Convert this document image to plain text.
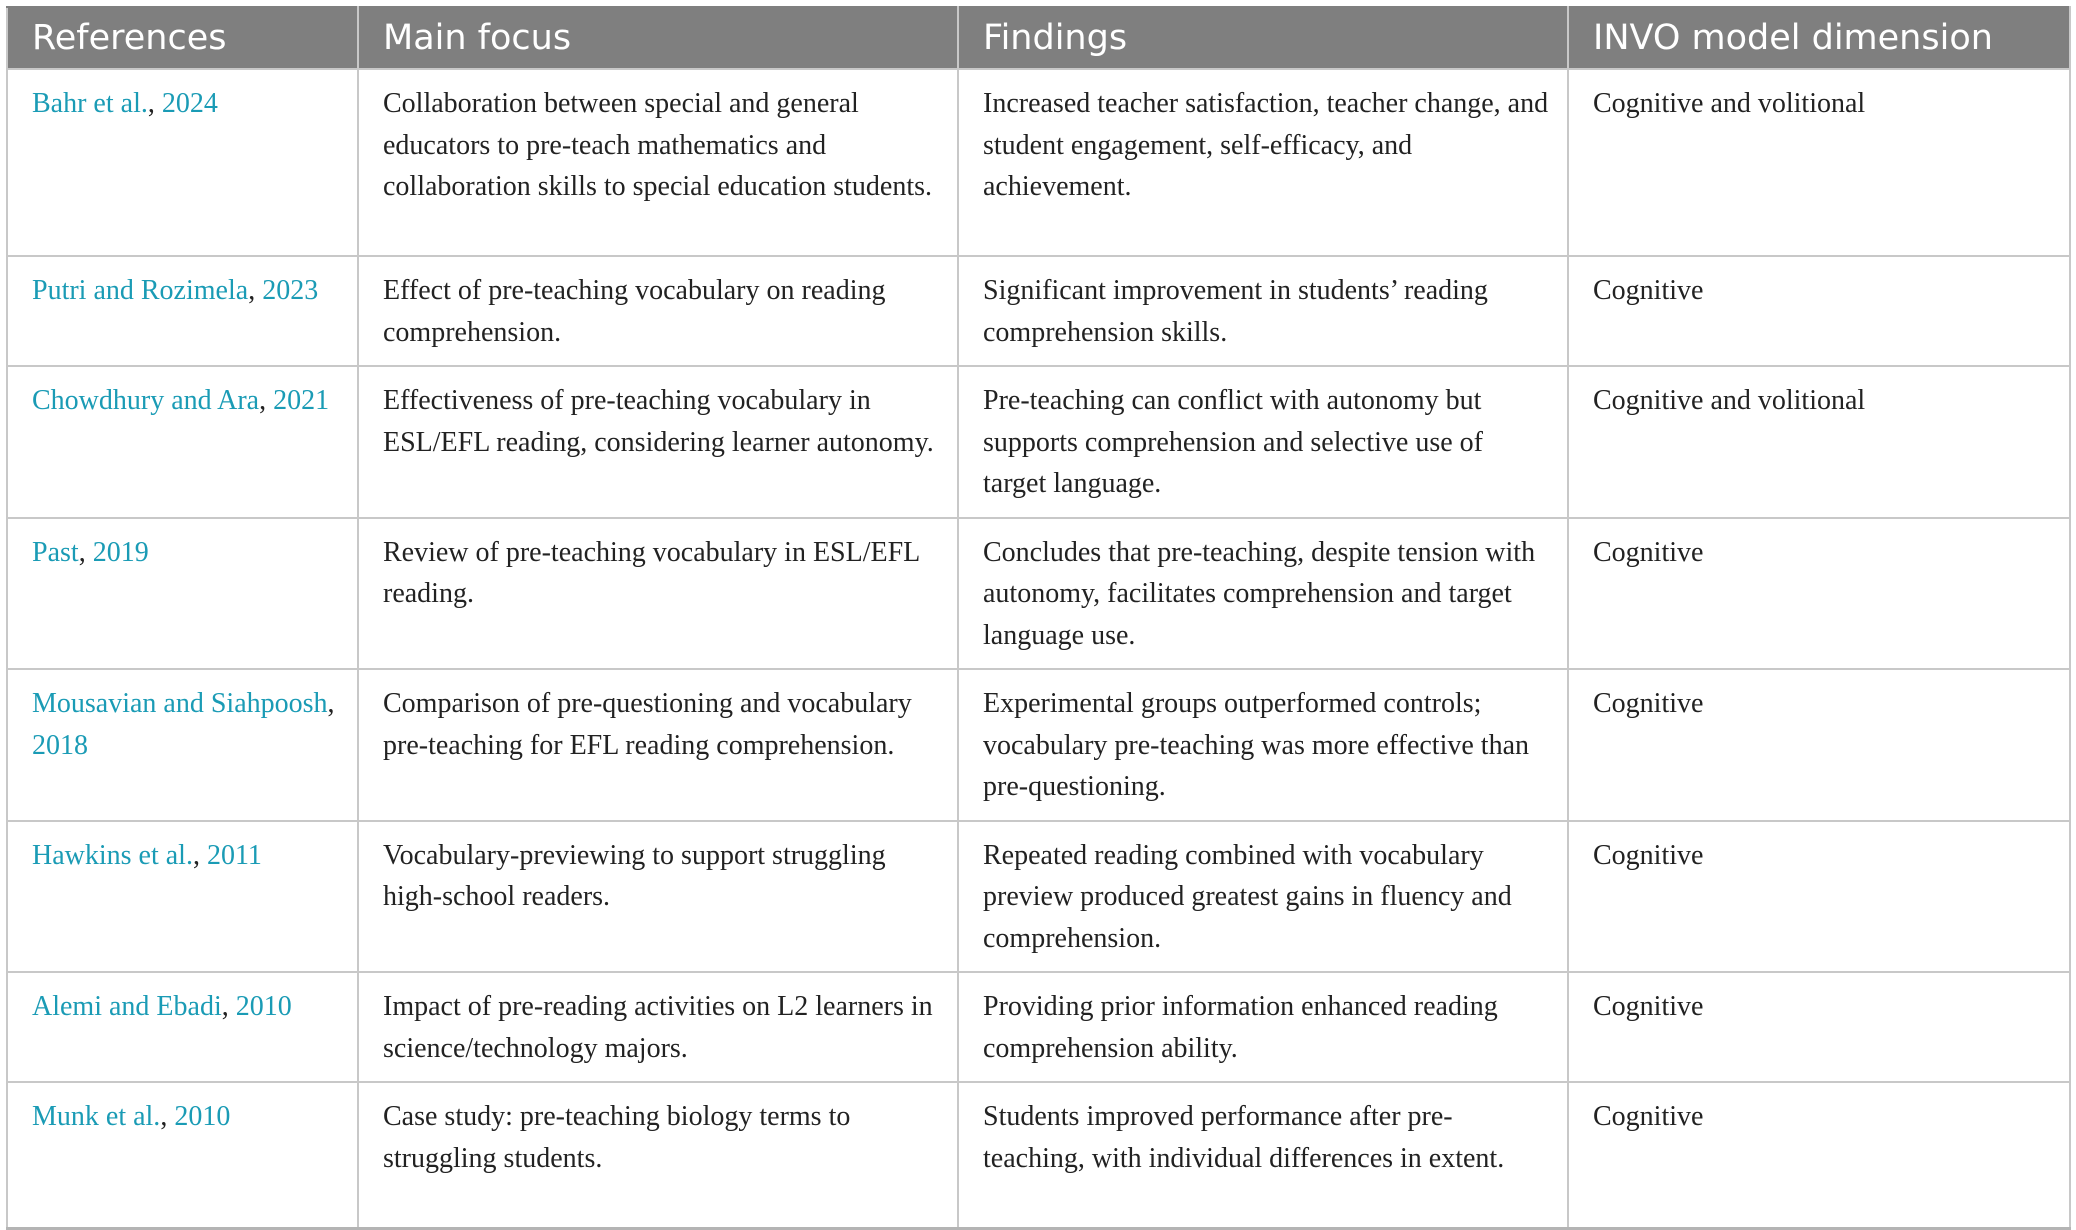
References	Main focus	Findings	INVO model dimension
Bahr et al., 2024	Collaboration between special and general educators to pre-teach mathematics and collaboration skills to special education students.	Increased teacher satisfaction, teacher change, and student engagement, self-efficacy, and achievement.	Cognitive and volitional
Putri and Rozimela, 2023	Effect of pre-teaching vocabulary on reading comprehension.	Significant improvement in students’ reading comprehension skills.	Cognitive
Chowdhury and Ara, 2021	Effectiveness of pre-teaching vocabulary in ESL/EFL reading, considering learner autonomy.	Pre-teaching can conflict with autonomy but supports comprehension and selective use of target language.	Cognitive and volitional
Past, 2019	Review of pre-teaching vocabulary in ESL/EFL reading.	Concludes that pre-teaching, despite tension with autonomy, facilitates comprehension and target language use.	Cognitive
Mousavian and Siahpoosh, 2018	Comparison of pre-questioning and vocabulary pre-teaching for EFL reading comprehension.	Experimental groups outperformed controls; vocabulary pre-teaching was more effective than pre-questioning.	Cognitive
Hawkins et al., 2011	Vocabulary-previewing to support struggling high-school readers.	Repeated reading combined with vocabulary preview produced greatest gains in fluency and comprehension.	Cognitive
Alemi and Ebadi, 2010	Impact of pre-reading activities on L2 learners in science/technology majors.	Providing prior information enhanced reading comprehension ability.	Cognitive
Munk et al., 2010	Case study: pre-teaching biology terms to struggling students.	Students improved performance after pre-teaching, with individual differences in extent.	Cognitive
